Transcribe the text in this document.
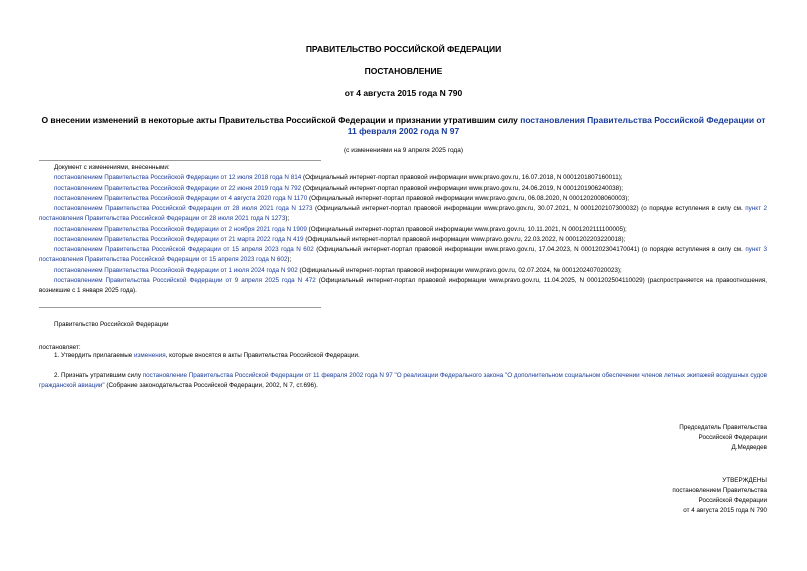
ПРАВИТЕЛЬСТВО РОССИЙСКОЙ ФЕДЕРАЦИИ
ПОСТАНОВЛЕНИЕ
от 4 августа 2015 года N 790
О внесении изменений в некоторые акты Правительства Российской Федерации и признании утратившим силу постановления Правительства Российской Федерации от 11 февраля 2002 года N 97
(с изменениями на 9 апреля 2025 года)
Документ с изменениями, внесенными:
постановлением Правительства Российской Федерации от 12 июля 2018 года N 814 (Официальный интернет-портал правовой информации www.pravo.gov.ru, 16.07.2018, N 0001201807160011);
постановлением Правительства Российской Федерации от 22 июня 2019 года N 792 (Официальный интернет-портал правовой информации www.pravo.gov.ru, 24.06.2019, N 0001201906240038);
постановлением Правительства Российской Федерации от 4 августа 2020 года N 1170 (Официальный интернет-портал правовой информации www.pravo.gov.ru, 06.08.2020, N 0001202008060003);
постановлением Правительства Российской Федерации от 28 июля 2021 года N 1273 (Официальный интернет-портал правовой информации www.pravo.gov.ru, 30.07.2021, N 0001202107300032) (о порядке вступления в силу см. пункт 2 постановления Правительства Российской Федерации от 28 июля 2021 года N 1273);
постановлением Правительства Российской Федерации от 2 ноября 2021 года N 1909 (Официальный интернет-портал правовой информации www.pravo.gov.ru, 10.11.2021, N 0001202111100005);
постановлением Правительства Российской Федерации от 21 марта 2022 года N 419 (Официальный интернет-портал правовой информации www.pravo.gov.ru, 22.03.2022, N 0001202203220018);
постановлением Правительства Российской Федерации от 15 апреля 2023 года N 602 (Официальный интернет-портал правовой информации www.pravo.gov.ru, 17.04.2023, N 0001202304170041) (о порядке вступления в силу см. пункт 3 постановления Правительства Российской Федерации от 15 апреля 2023 года N 602);
постановлением Правительства Российской Федерации от 1 июля 2024 года N 902 (Официальный интернет-портал правовой информации www.pravo.gov.ru, 02.07.2024, № 0001202407020023);
постановлением Правительства Российской Федерации от 9 апреля 2025 года N 472 (Официальный интернет-портал правовой информации www.pravo.gov.ru, 11.04.2025, N 0001202504110029) (распространяется на правоотношения, возникшие с 1 января 2025 года).
Правительство Российской Федерации
постановляет:
1. Утвердить прилагаемые изменения, которые вносятся в акты Правительства Российской Федерации.
2. Признать утратившим силу постановление Правительства Российской Федерации от 11 февраля 2002 года N 97 "О реализации Федерального закона "О дополнительном социальном обеспечении членов летных экипажей воздушных судов гражданской авиации" (Собрание законодательства Российской Федерации, 2002, N 7, ст.696).
Председатель Правительства
Российской Федерации
Д.Медведев
УТВЕРЖДЕНЫ
постановлением Правительства
Российской Федерации
от 4 августа 2015 года N 790
